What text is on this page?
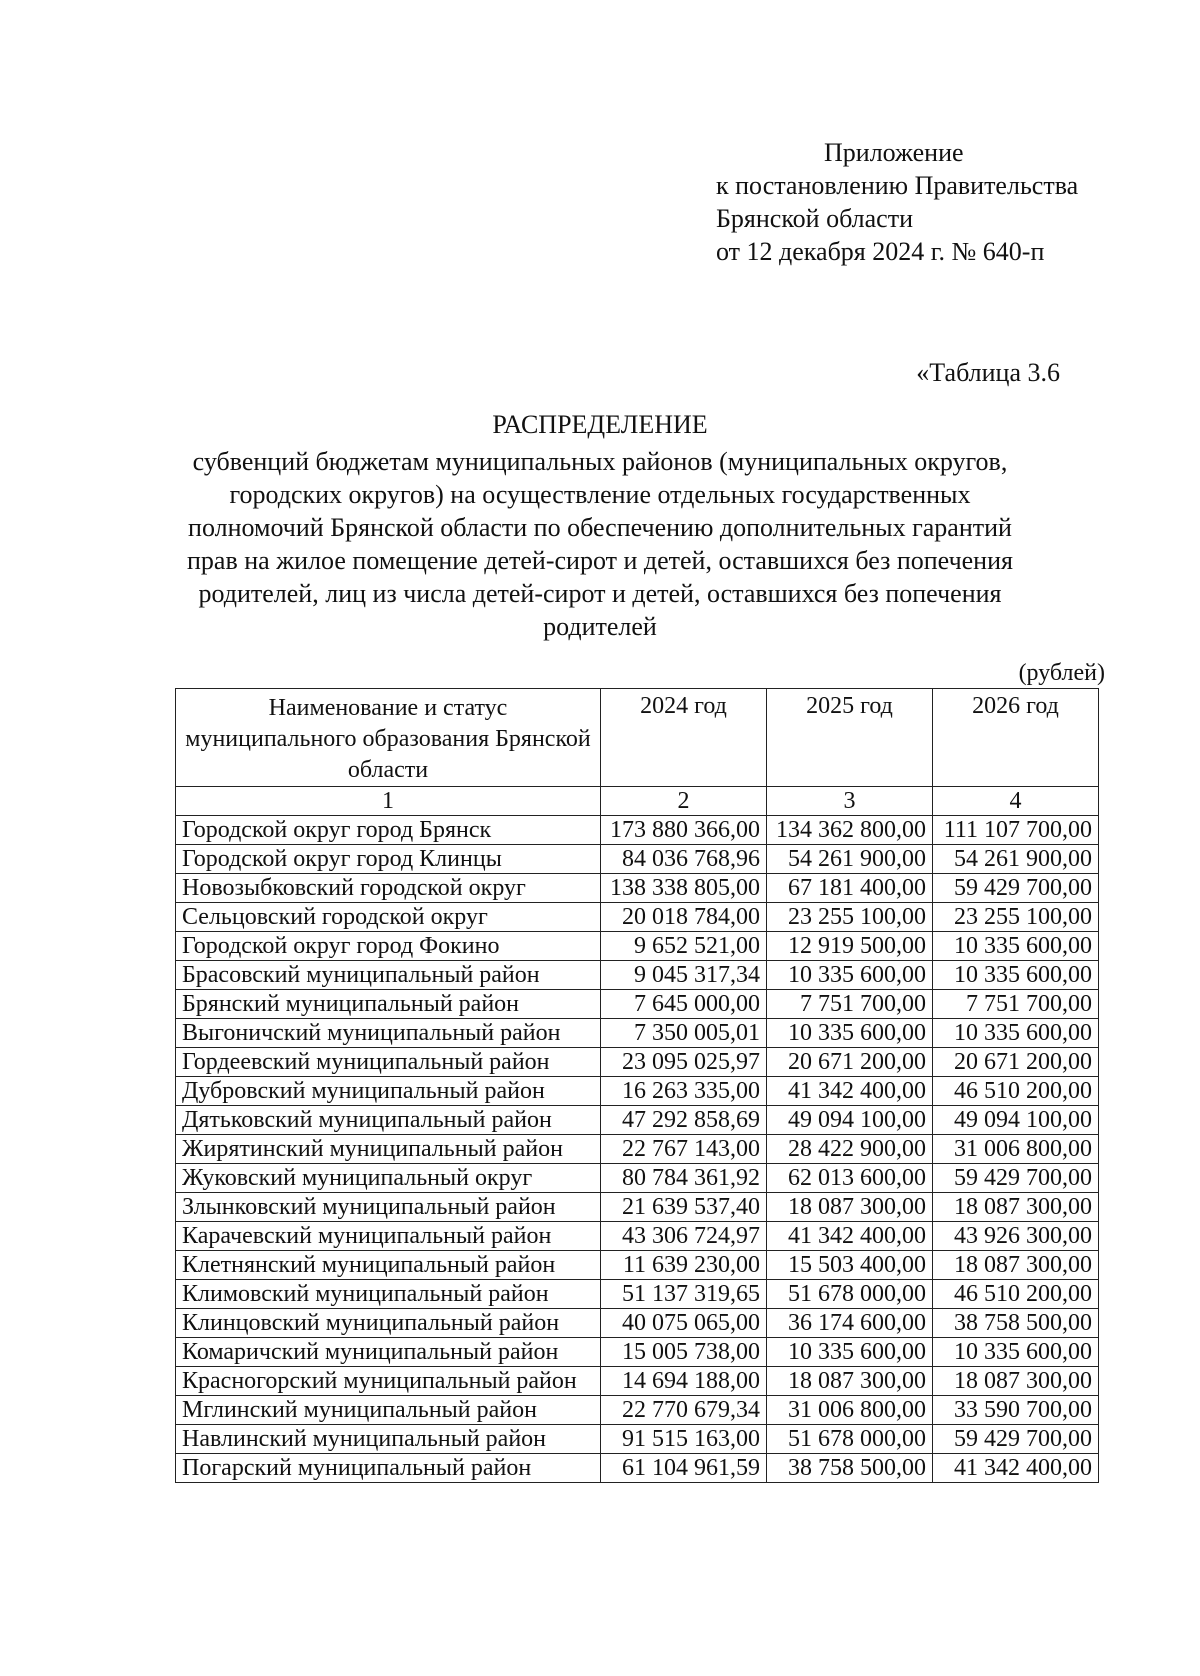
Приложение
к постановлению Правительства
Брянской области
от 12 декабря 2024 г. № 640-п
«Таблица 3.6
РАСПРЕДЕЛЕНИЕ
субвенций бюджетам муниципальных районов (муниципальных округов,
городских округов) на осуществление отдельных государственных
полномочий Брянской области по обеспечению дополнительных гарантий
прав на жилое помещение детей-сирот и детей, оставшихся без попечения
родителей, лиц из числа детей-сирот и детей, оставшихся без попечения
родителей
(рублей)
Наименование и статус муниципального образования Брянской области	2024 год	2025 год	2026 год
1	2	3	4
Городской округ город Брянск	173 880 366,00	134 362 800,00	111 107 700,00
Городской округ город Клинцы	84 036 768,96	54 261 900,00	54 261 900,00
Новозыбковский городской округ	138 338 805,00	67 181 400,00	59 429 700,00
Сельцовский городской округ	20 018 784,00	23 255 100,00	23 255 100,00
Городской округ город Фокино	9 652 521,00	12 919 500,00	10 335 600,00
Брасовский муниципальный район	9 045 317,34	10 335 600,00	10 335 600,00
Брянский муниципальный район	7 645 000,00	7 751 700,00	7 751 700,00
Выгоничский муниципальный район	7 350 005,01	10 335 600,00	10 335 600,00
Гордеевский муниципальный район	23 095 025,97	20 671 200,00	20 671 200,00
Дубровский муниципальный район	16 263 335,00	41 342 400,00	46 510 200,00
Дятьковский муниципальный район	47 292 858,69	49 094 100,00	49 094 100,00
Жирятинский муниципальный район	22 767 143,00	28 422 900,00	31 006 800,00
Жуковский муниципальный округ	80 784 361,92	62 013 600,00	59 429 700,00
Злынковский муниципальный район	21 639 537,40	18 087 300,00	18 087 300,00
Карачевский муниципальный район	43 306 724,97	41 342 400,00	43 926 300,00
Клетнянский муниципальный район	11 639 230,00	15 503 400,00	18 087 300,00
Климовский муниципальный район	51 137 319,65	51 678 000,00	46 510 200,00
Клинцовский муниципальный район	40 075 065,00	36 174 600,00	38 758 500,00
Комаричский муниципальный район	15 005 738,00	10 335 600,00	10 335 600,00
Красногорский муниципальный район	14 694 188,00	18 087 300,00	18 087 300,00
Мглинский муниципальный район	22 770 679,34	31 006 800,00	33 590 700,00
Навлинский муниципальный район	91 515 163,00	51 678 000,00	59 429 700,00
Погарский муниципальный район	61 104 961,59	38 758 500,00	41 342 400,00
